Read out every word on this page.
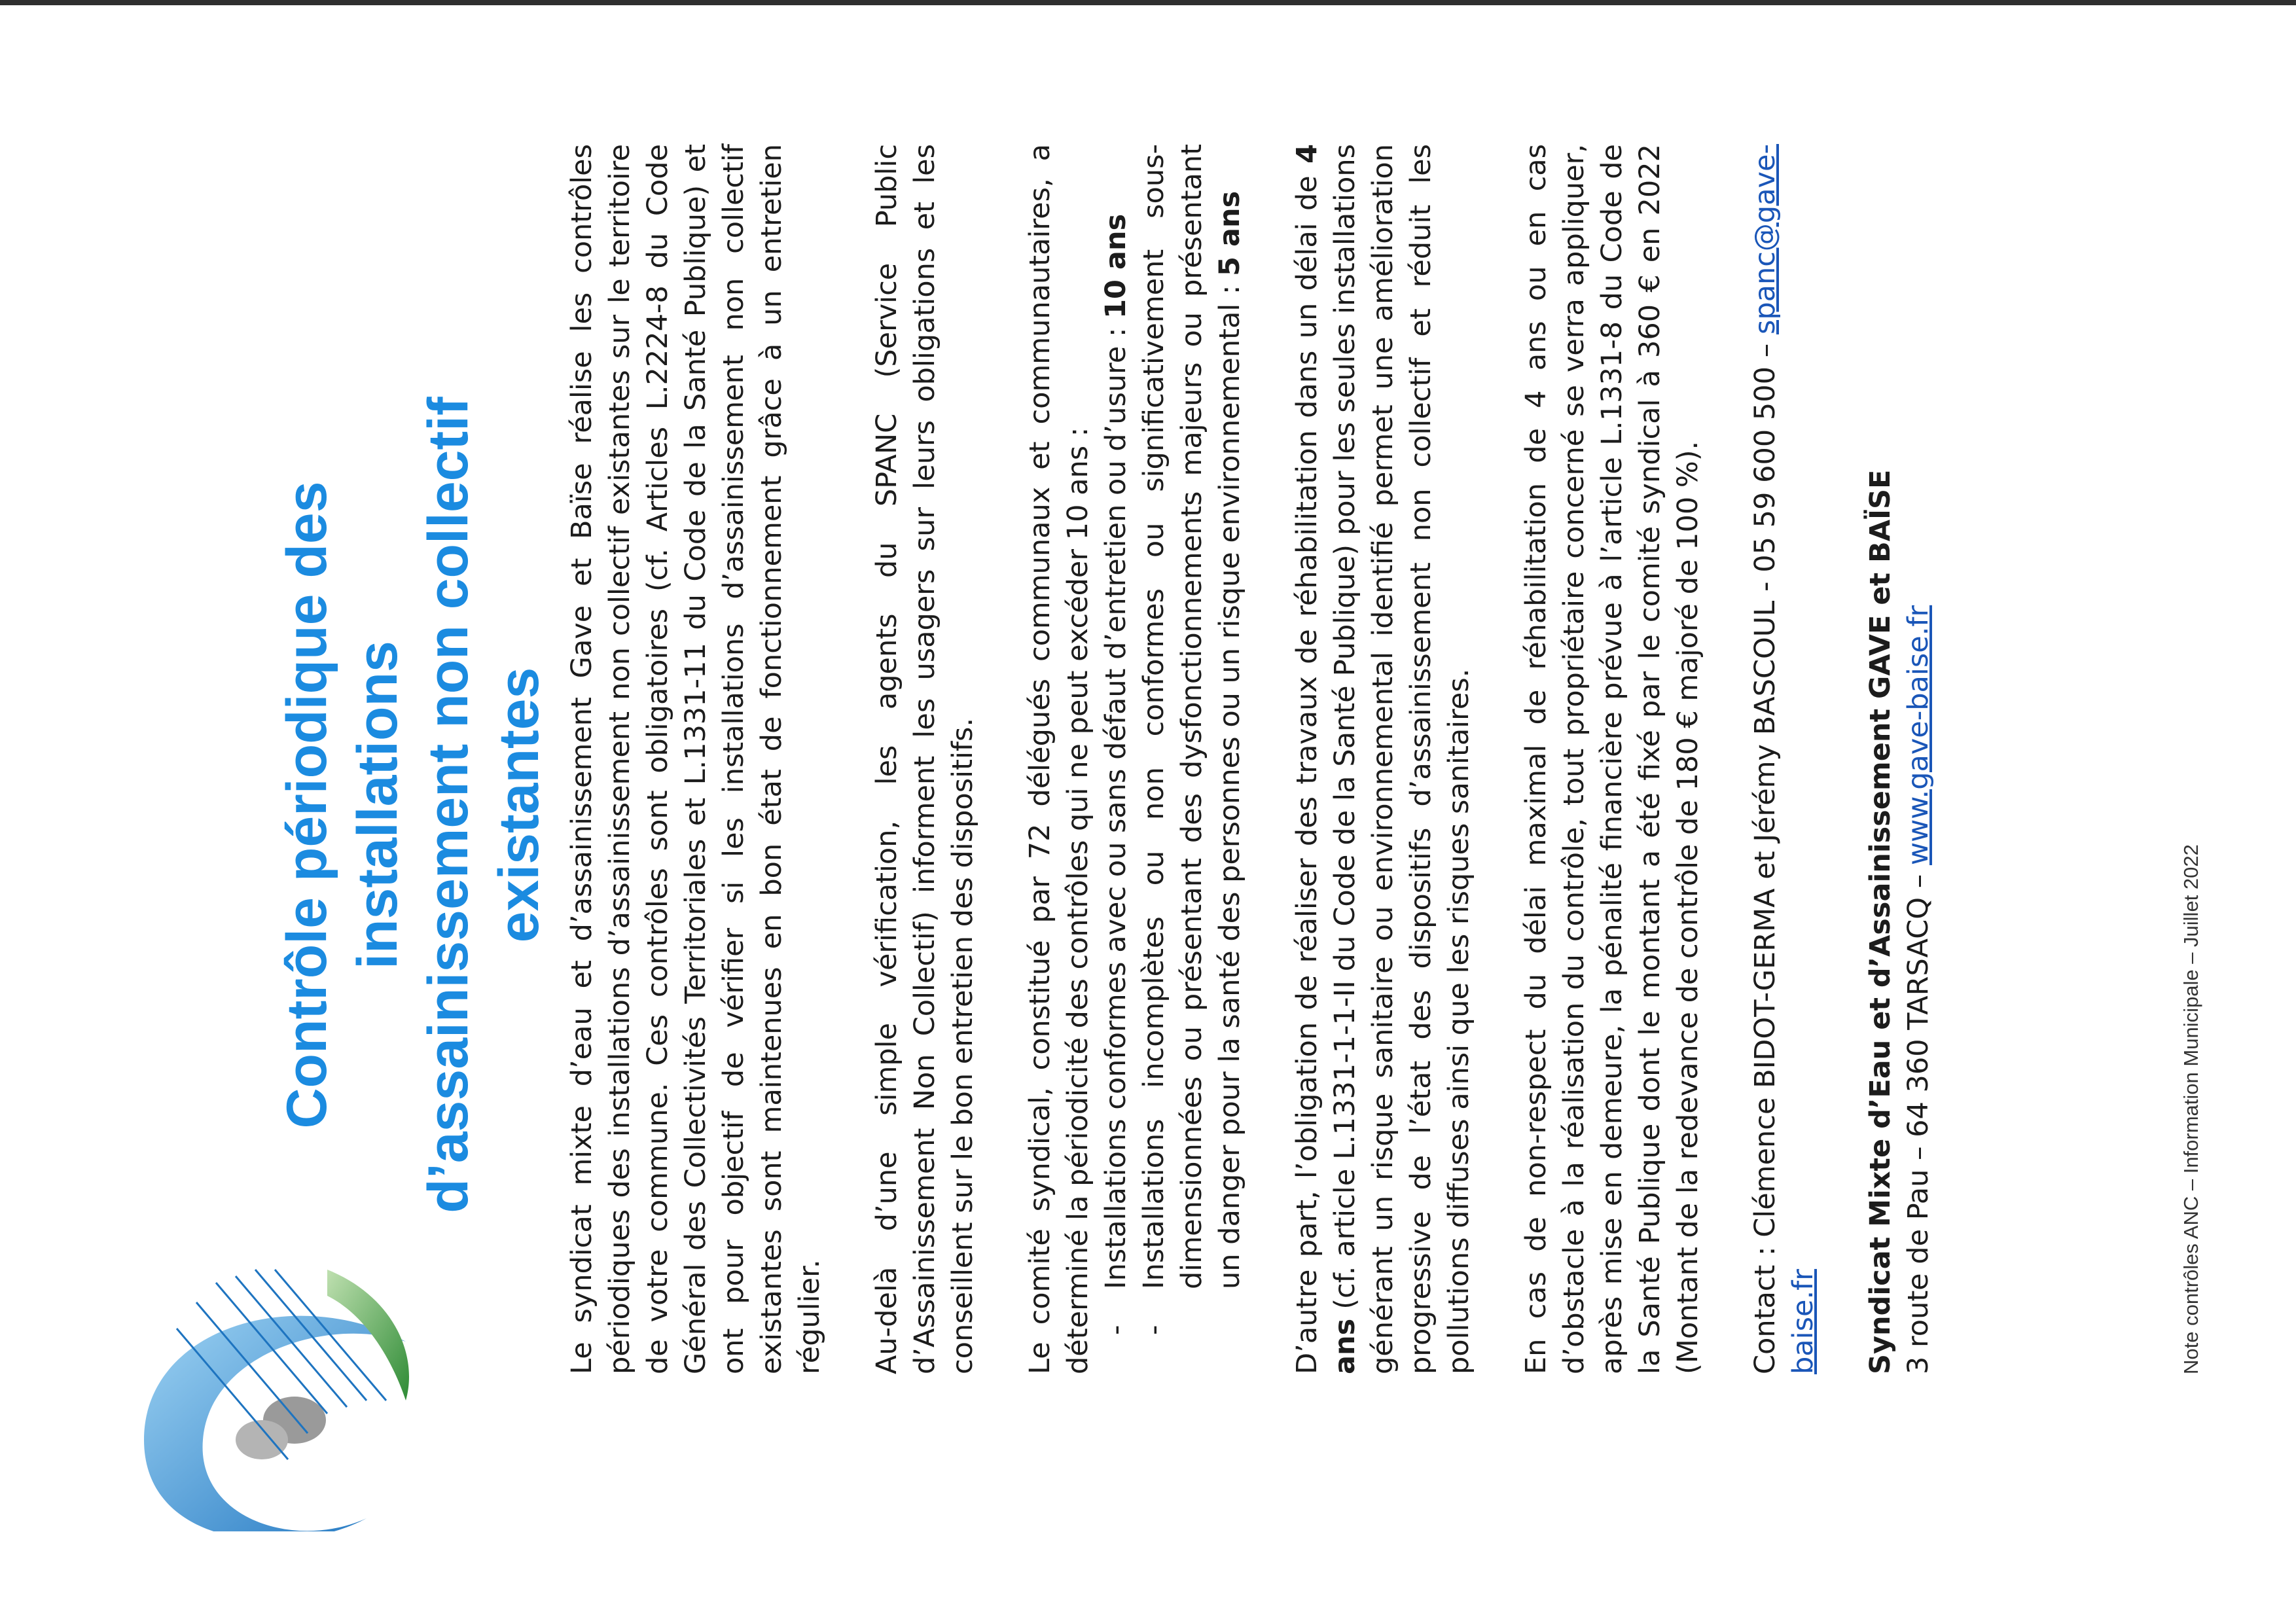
Contrôle périodique des installations d’assainissement non collectif existantes Le syndicat mixte d’eau et d’assainissement Gave et Baïse réalise les contrôles périodiques des installations d’assainissement non collectif existantes sur le territoire de votre commune. Ces contrôles sont obligatoires (cf. Articles L.2224-8 du Code Général des Collectivités Territoriales et L.1331-11 du Code de la Santé Publique) et ont pour objectif de vérifier si les installations d’assainissement non collectif existantes sont maintenues en bon état de fonctionnement grâce à un entretien régulier. Au-delà d’une simple vérification, les agents du SPANC (Service Public d’Assainissement Non Collectif) informent les usagers sur leurs obligations et les conseillent sur le bon entretien des dispositifs. Le comité syndical, constitué par 72 délégués communaux et communautaires, a déterminé la périodicité des contrôles qui ne peut excéder 10 ans : -
Installations conformes avec ou sans défaut d’entretien ou d’usure : 10 ans
-
Installations incomplètes ou non conformes ou significativement sous-dimensionnées ou présentant des dysfonctionnements majeurs ou présentant un danger pour la santé des personnes ou un risque environnemental : 5 ans D’autre part, l’obligation de réaliser des travaux de réhabilitation dans un délai de 4 ans (cf. article L.1331-1-1-II du Code de la Santé Publique) pour les seules installations générant un risque sanitaire ou environnemental identifié permet une amélioration progressive de l’état des dispositifs d’assainissement non collectif et réduit les pollutions diffuses ainsi que les risques sanitaires. En cas de non-respect du délai maximal de réhabilitation de 4 ans ou en cas d’obstacle à la réalisation du contrôle, tout propriétaire concerné se verra appliquer, après mise en demeure, la pénalité financière prévue à l’article L.1331-8 du Code de la Santé Publique dont le montant a été fixé par le comité syndical à 360 € en 2022 (Montant de la redevance de contrôle de 180 € majoré de 100 %). Contact : Clémence BIDOT-GERMA et Jérémy BASCOUL - 05 59 600 500 – spanc@gave-baise.fr Syndicat Mixte d’Eau et d’Assainissement GAVE et BAÏSE 3 route de Pau – 64 360 TARSACQ – www.gave-baise.fr

Note contrôles ANC – Information Municipale – Juillet 2022
